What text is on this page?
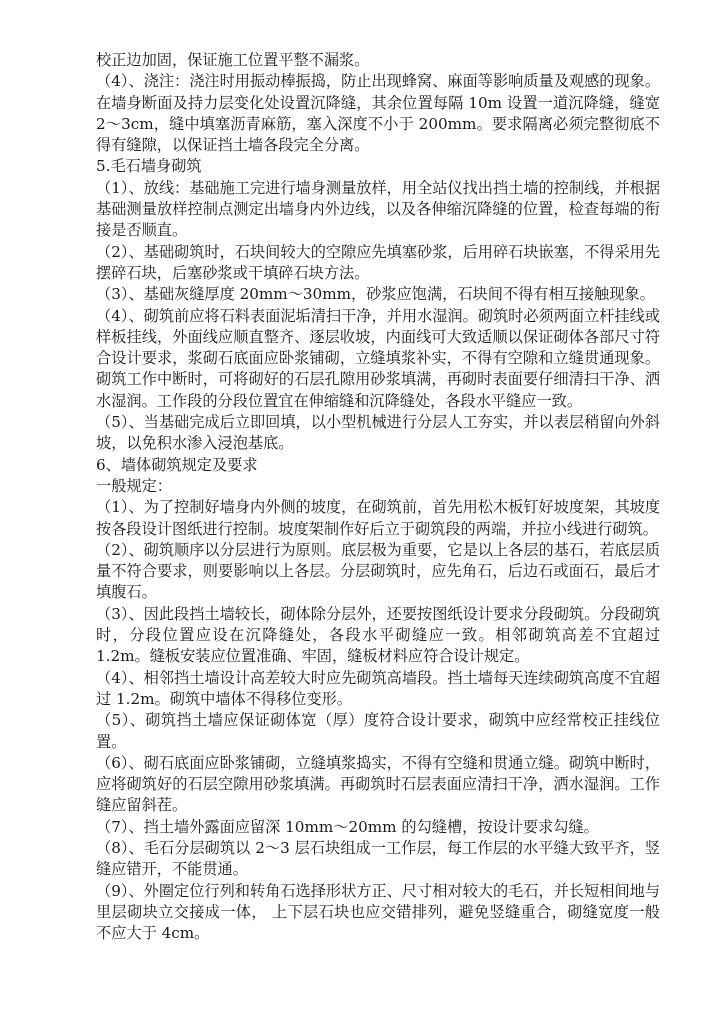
校正边加固，保证施工位置平整不漏浆。

（4）、浇注：浇注时用振动棒振捣，防止出现蜂窝、麻面等影响质量及观感的现象。在墙身断面及持力层变化处设置沉降缝，其余位置每隔 10m 设置一道沉降缝，缝宽 2～3cm，缝中填塞沥青麻筋，塞入深度不小于 200mm。要求隔离必须完整彻底不得有缝隙，以保证挡土墙各段完全分离。

5.毛石墙身砌筑

（1）、放线：基础施工完进行墙身测量放样，用全站仪找出挡土墙的控制线，并根据基础测量放样控制点测定出墙身内外边线，以及各伸缩沉降缝的位置，检查每端的衔接是否顺直。

（2）、基础砌筑时，石块间较大的空隙应先填塞砂浆，后用碎石块嵌塞，不得采用先摆碎石块，后塞砂浆或干填碎石块方法。

（3）、基础灰缝厚度 20mm～30mm，砂浆应饱满，石块间不得有相互接触现象。

（4）、砌筑前应将石料表面泥垢清扫干净，并用水湿润。砌筑时必须两面立杆挂线或样板挂线，外面线应顺直整齐、逐层收坡，内面线可大致适顺以保证砌体各部尺寸符合设计要求，浆砌石底面应卧浆铺砌，立缝填浆补实，不得有空隙和立缝贯通现象。砌筑工作中断时，可将砌好的石层孔隙用砂浆填满，再砌时表面要仔细清扫干净、洒水湿润。工作段的分段位置宜在伸缩缝和沉降缝处，各段水平缝应一致。

（5）、当基础完成后立即回填，以小型机械进行分层人工夯实，并以表层稍留向外斜坡，以免积水渗入浸泡基底。

6、墙体砌筑规定及要求

一般规定：

（1）、为了控制好墙身内外侧的坡度，在砌筑前，首先用松木板钉好坡度架，其坡度按各段设计图纸进行控制。坡度架制作好后立于砌筑段的两端，并拉小线进行砌筑。

（2）、砌筑顺序以分层进行为原则。底层极为重要，它是以上各层的基石，若底层质量不符合要求，则要影响以上各层。分层砌筑时，应先角石，后边石或面石，最后才填腹石。

（3）、因此段挡土墙较长，砌体除分层外，还要按图纸设计要求分段砌筑。分段砌筑时，分段位置应设在沉降缝处，各段水平砌缝应一致。相邻砌筑高差不宜超过 1.2m。缝板安装应位置准确、牢固，缝板材料应符合设计规定。

（4）、相邻挡土墙设计高差较大时应先砌筑高墙段。挡土墙每天连续砌筑高度不宜超过 1.2m。砌筑中墙体不得移位变形。

（5）、砌筑挡土墙应保证砌体宽（厚）度符合设计要求，砌筑中应经常校正挂线位置。

（6）、砌石底面应卧浆铺砌，立缝填浆捣实，不得有空缝和贯通立缝。砌筑中断时，应将砌筑好的石层空隙用砂浆填满。再砌筑时石层表面应清扫干净，洒水湿润。工作缝应留斜茬。

（7）、挡土墙外露面应留深 10mm～20mm 的勾缝槽，按设计要求勾缝。

（8）、毛石分层砌筑以 2～3 层石块组成一工作层，每工作层的水平缝大致平齐，竖缝应错开，不能贯通。

（9）、外圈定位行列和转角石选择形状方正、尺寸相对较大的毛石，并长短相间地与里层砌块立交接成一体， 上下层石块也应交错排列，避免竖缝重合，砌缝宽度一般不应大于 4cm。
